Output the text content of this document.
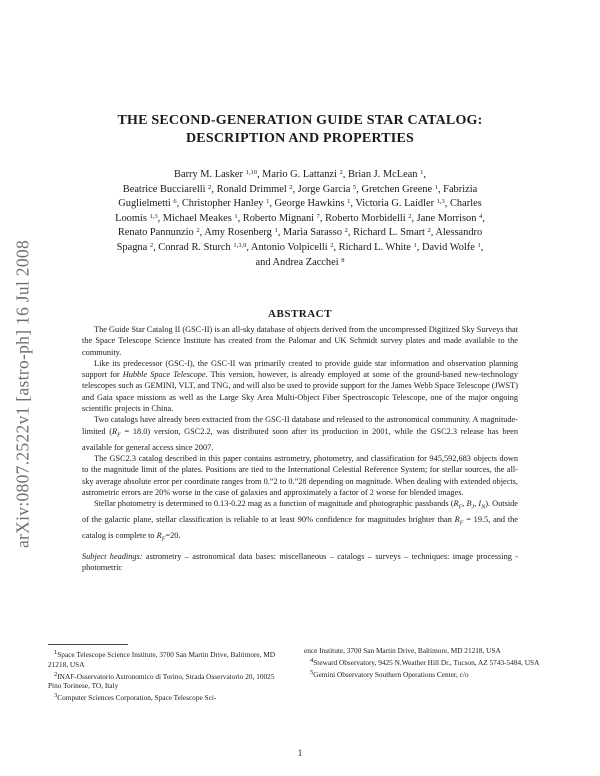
arXiv:0807.2522v1 [astro-ph] 16 Jul 2008
THE SECOND-GENERATION GUIDE STAR CATALOG:
DESCRIPTION AND PROPERTIES
Barry M. Lasker $^{1,10}$, Mario G. Lattanzi $^2$, Brian J. McLean $^1$,
Beatrice Bucciarelli $^2$, Ronald Drimmel $^2$, Jorge Garcia $^5$, Gretchen Greene $^1$, Fabrizia
Guglielmetti $^6$, Christopher Hanley $^1$, George Hawkins $^1$, Victoria G. Laidler $^{1,3}$, Charles
Loomis $^{1,3}$, Michael Meakes $^1$, Roberto Mignani $^7$, Roberto Morbidelli $^2$, Jane Morrison $^4$,
Renato Pannunzio $^2$, Amy Rosenberg $^1$, Maria Sarasso $^2$, Richard L. Smart $^2$, Alessandro
Spagna $^2$, Conrad R. Sturch $^{1,3,9}$, Antonio Volpicelli $^2$, Richard L. White $^1$, David Wolfe $^1$,
and Andrea Zacchei $^8$
ABSTRACT

The Guide Star Catalog II (GSC-II) is an all-sky database of objects derived from the uncompressed Digitized Sky Surveys that the Space Telescope Science Institute has created from the Palomar and UK Schmidt survey plates and made available to the community.

Like its predecessor (GSC-I), the GSC-II was primarily created to provide guide star information and observation planning support for Hubble Space Telescope. This version, however, is already employed at some of the ground-based new-technology telescopes such as GEMINI, VLT, and TNG, and will also be used to provide support for the James Webb Space Telescope (JWST) and Gaia space missions as well as the Large Sky Area Multi-Object Fiber Spectroscopic Telescope, one of the major ongoing scientific projects in China.

Two catalogs have already been extracted from the GSC-II database and released to the astronomical community. A magnitude-limited $(R_F = 18.0)$ version, GSC2.2, was distributed soon after its production in 2001, while the GSC2.3 release has been available for general access since 2007.

The GSC2.3 catalog described in this paper contains astrometry, photometry, and classification for 945,592,683 objects down to the magnitude limit of the plates. Positions are tied to the International Celestial Reference System; for stellar sources, the all-sky average absolute error per coordinate ranges from 0.”2 to 0.”28 depending on magnitude. When dealing with extended objects, astrometric errors are 20% worse in the case of galaxies and approximately a factor of 2 worse for blended images.

Stellar photometry is determined to 0.13-0.22 mag as a function of magnitude and photographic passbands ($R_F$, $B_J$, $I_N$). Outside of the galactic plane, stellar classification is reliable to at least 90% confidence for magnitudes brighter than $R_F = 19.5$, and the catalog is complete to $R_F=20$.

Subject headings: astrometry – astronomical data bases: miscellaneous – catalogs – surveys – techniques: image processing - photometric

$^1$Space Telescope Science Institute, 3700 San Martin Drive, Baltimore, MD 21218, USA

$^2$INAF-Osservatorio Astronomico di Torino, Strada Osservatorio 20, 10025 Pino Torinese, TO, Italy

$^3$Computer Sciences Corporation, Space Telescope Sci-

ence Institute, 3700 San Martin Drive, Baltimore, MD 21218, USA

$^4$Steward Observatory, 9425 N.Weather Hill Dr., Tucson, AZ 5743-5484, USA

$^5$Gemini Observatory Southern Operations Center, c/o

1
